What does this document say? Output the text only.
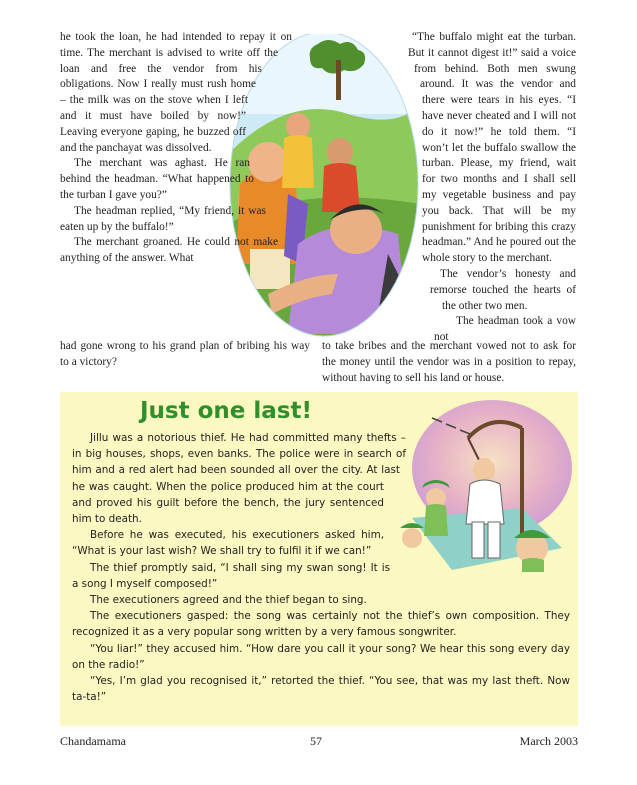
he took the loan, he had intended to repay it on time. The merchant is advised to write off the loan and free the vendor from his obligations. Now I really must rush home – the milk was on the stove when I left and it must have boiled by now!” Leaving everyone gaping, he buzzed off and the panchayat was dissolved.

The merchant was aghast. He ran behind the headman. “What happened to the turban I gave you?”

The headman replied, “My friend, it was eaten up by the buffalo!”

The merchant groaned. He could not make anything of the answer. What

“The buffalo might eat the turban. But it cannot digest it!” said a voice from behind. Both men swung around. It was the vendor and there were tears in his eyes. “I have never cheated and I will not do it now!” he told them. “I won’t let the buffalo swallow the turban. Please, my friend, wait for two months and I shall sell my vegetable business and pay you back. That will be my punishment for bribing this crazy headman.” And he poured out the whole story to the merchant.

The vendor’s honesty and remorse touched the hearts of the other two men.

The headman took a vow not

had gone wrong to his grand plan of bribing his way to a victory?

to take bribes and the merchant vowed not to ask for the money until the vendor was in a position to repay, without having to sell his land or house.

Just one last!

Jillu was a notorious thief. He had committed many thefts – in big houses, shops, even banks. The police were in search of him and a red alert had been sounded all over the city. At last he was caught. When the police produced him at the court and proved his guilt before the bench, the jury sentenced him to death.

Before he was executed, his executioners asked him, “What is your last wish? We shall try to fulfil it if we can!”

The thief promptly said, “I shall sing my swan song! It is a song I myself composed!”

The executioners agreed and the thief began to sing.

The executioners gasped: the song was certainly not the thief’s own composition. They recognized it as a very popular song written by a very famous songwriter.

“You liar!” they accused him. “How dare you call it your song? We hear this song every day on the radio!”

“Yes, I’m glad you recognised it,” retorted the thief. “You see, that was my last theft. Now ta-ta!”

Chandamama	57	March 2003
